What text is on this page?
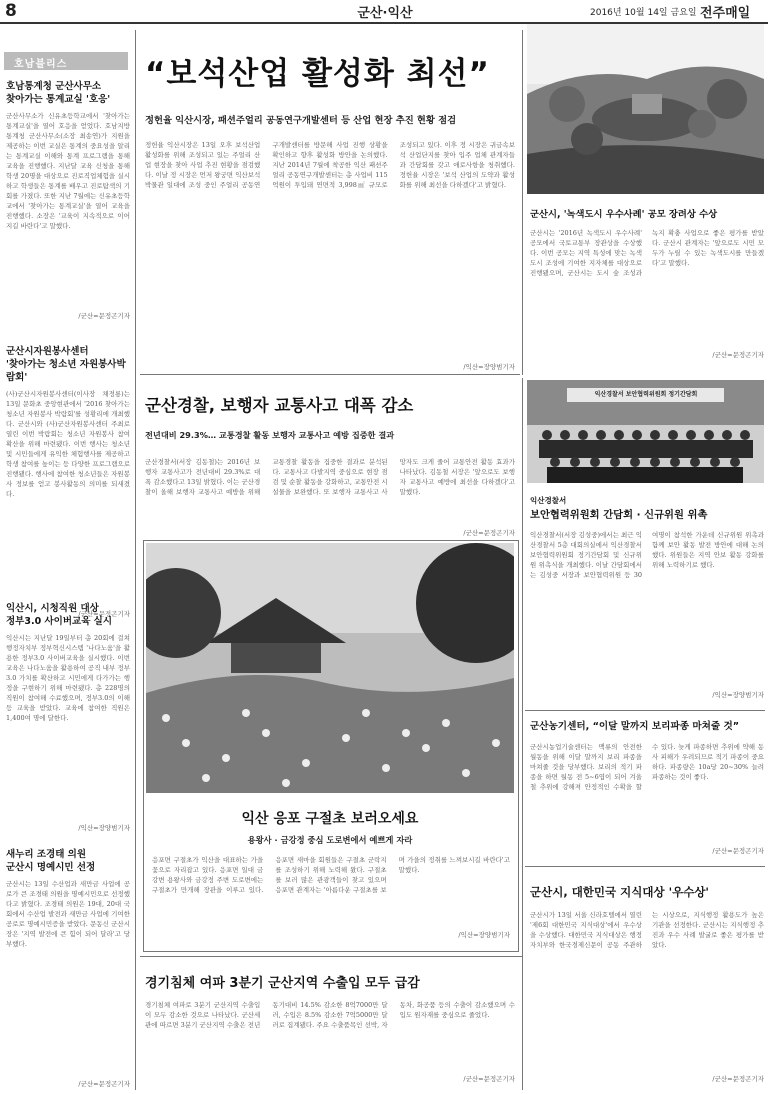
8	군산·익산	2016년 10월 14일 금요일 전주매일
호남블리스
호남통계청 군산사무소
찾아가는 통계교실 '호응'
군산사무소가 신유초등학교에서 '찾아가는 통계교실'을 열어 호응을 얻었다. 호남지방통계청 군산사무소(소장 최송연)가 지원을 제공하는 이번 교실은 통계의 중요성을 알리는 통계교실 이해와 통계 프로그램을 통해 교육을 진행했다. 지난달 교육 신청을 통해 학생 20명을 대상으로 진로직업체험을 실시하고 학생들은 통계를 배우고 진로탐색의 기회를 가졌다. 또한 지난 7월에는 신유초등학교에서 '찾아가는 통계교실'을 열어 교육을 진행했다. 소장은 '교육이 지속적으로 이어지길 바란다'고 말했다.
/군산=문정곤기자
군산시자원봉사센터
'찾아가는 청소년 자원봉사박람회'
(사)군산시자원봉사센터(이사장 채정룡)는 13일 문화초 중앙현관에서 '2016 찾아가는 청소년 자원봉사 박람회'를 성황리에 개최했다. 군산시와 (사)군산자원봉사센터 주최로 열린 이번 박람회는 청소년 자원봉사 참여 확산을 위해 마련됐다. 이번 행사는 청소년 및 시민들에게 유익한 체험행사를 제공하고 학생 참여를 높이는 등 다양한 프로그램으로 진행됐다. 행사에 참여한 청소년들은 자원봉사 정보를 얻고 봉사활동의 의미를 되새겼다.
/군산=문정곤기자
익산시, 시청직원 대상
정부3.0 사이버교육 실시
익산시는 지난달 19일부터 총 20회에 걸쳐 행정자치부 정부혁신시스템 '나다노움'을 활용한 정부3.0 사이버교육을 실시했다. 이번 교육은 나다노움을 활용하여 공직 내부 정부3.0 가치를 확산하고 시민에게 다가가는 행정을 구현하기 위해 마련됐다. 총 228명의 직원이 참여해 수료했으며, 정부3.0의 이해 등 교육을 받았다. 교육에 참여한 직원은 1,400여 명에 달한다.
/익산=장양범기자
새누리 조경태 의원
군산시 명예시민 선정
군산시는 13일 수산업과 새만금 사업에 공로가 큰 조경태 의원을 명예시민으로 선정했다고 밝혔다. 조경태 의원은 19대, 20대 국회에서 수산업 발전과 새만금 사업에 기여한 공로로 명예시민증을 받았다. 문동신 군산시장은 '지역 발전에 큰 힘이 되어 달라'고 당부했다.
/군산=문정곤기자
“보석산업 활성화 최선”
정헌율 익산시장, 패션주얼리 공동연구개발센터 등 산업 현장 추진 현황 점검
정헌율 익산시장은 13일 오후 보석산업 활성화를 위해 조성되고 있는 주얼리 산업 현장을 찾아 사업 추진 현황을 점검했다. 이날 정 시장은 먼저 왕궁면 익산보석박물관 일대에 조성 중인 주얼리 공동연구개발센터를 방문해 사업 진행 상황을 확인하고 향후 활성화 방안을 논의했다. 지난 2014년 7월에 착공한 익산 패션주얼리 공동연구개발센터는 총 사업비 115억원이 투입돼 연면적 3,998㎡ 규모로 조성되고 있다. 이후 정 시장은 귀금속보석 산업단지를 찾아 입주 업체 관계자들과 간담회를 갖고 애로사항을 청취했다. 정헌율 시장은 '보석 산업의 도약과 활성화를 위해 최선을 다하겠다'고 밝혔다.
/익산=장양범기자
군산시, '녹색도시 우수사례' 공모 장려상 수상
군산시는 '2016년 녹색도시 우수사례' 공모에서 국토교통부 장관상을 수상했다. 이번 공모는 지역 특성에 맞는 녹색도시 조성에 기여한 지자체를 대상으로 진행됐으며, 군산시는 도시 숲 조성과 녹지 확충 사업으로 좋은 평가를 받았다. 군산시 관계자는 '앞으로도 시민 모두가 누릴 수 있는 녹색도시를 만들겠다'고 말했다.
/군산=문정곤기자
군산경찰, 보행자 교통사고 대폭 감소
전년대비 29.3%… 교통경찰 활동 보행자 교통사고 예방 집중한 결과
군산경찰서(서장 김동철)는 2016년 보행자 교통사고가 전년대비 29.3%로 대폭 감소했다고 13일 밝혔다. 이는 군산경찰이 올해 보행자 교통사고 예방을 위해 교통경찰 활동을 집중한 결과로 분석된다. 교통사고 다발지역 중심으로 현장 점검 및 순찰 활동을 강화하고, 교통안전 시설물을 보완했다. 또 보행자 교통사고 사망자도 크게 줄어 교통안전 활동 효과가 나타났다. 김동철 서장은 '앞으로도 보행자 교통사고 예방에 최선을 다하겠다'고 말했다.
/군산=문정곤기자
익산경찰서 보안협력위원회 정기간담회
익산경찰서
보안협력위원회 간담회 · 신규위원 위촉
익산경찰서(서장 김성중)에서는 최근 익산경찰서 5층 대회의실에서 익산경찰서 보안협력위원회 정기간담회 및 신규위원 위촉식을 개최했다. 이날 간담회에서는 김성중 서장과 보안협력위원 등 30여명이 참석한 가운데 신규위원 위촉과 함께 보안 활동 발전 방안에 대해 논의했다. 위원들은 지역 안보 활동 강화를 위해 노력하기로 했다.
/익산=장양범기자
익산 응포 구절초 보러오세요
용왕사 · 금강정 중심 도로변에서 예쁘게 자라
응포면 구절초가 익산을 대표하는 가을 꽃으로 자리잡고 있다. 응포면 일대 금강변 용왕사와 금강정 주변 도로변에는 구절초가 만개해 장관을 이루고 있다. 응포면 새마을 회원들은 구절초 군락지를 조성하기 위해 노력해 왔다. 구절초를 보러 많은 관광객들이 찾고 있으며 응포면 관계자는 '아름다운 구절초를 보며 가을의 정취를 느껴보시길 바란다'고 말했다.
/익산=장양범기자
군산농기센터, “이달 말까지 보리파종 마쳐줄 것”
군산시농업기술센터는 맥류의 안전한 월동을 위해 이달 말까지 보리 파종을 마쳐줄 것을 당부했다. 보리의 적기 파종을 하면 월동 전 5~6엽이 되어 겨울철 추위에 강해져 안정적인 수확을 할 수 있다. 늦게 파종하면 추위에 약해 동사 피해가 우려되므로 적기 파종이 중요하다. 파종량은 10a당 20~30% 늘려 파종하는 것이 좋다.
/군산=문정곤기자
군산시, 대한민국 지식대상 '우수상'
군산시가 13일 서울 신라호텔에서 열린 '제6회 대한민국 지식대상'에서 우수상을 수상했다. 대한민국 지식대상은 행정자치부와 한국경제신문이 공동 주관하는 시상으로, 지식행정 활용도가 높은 기관을 선정한다. 군산시는 지식행정 추진과 우수 사례 발굴로 좋은 평가를 받았다.
/군산=문정곤기자
경기침체 여파 3분기 군산지역 수출입 모두 급감
경기침체 여파로 3분기 군산지역 수출입이 모두 감소한 것으로 나타났다. 군산세관에 따르면 3분기 군산지역 수출은 전년 동기대비 14.5% 감소한 8억7000만 달러, 수입은 8.5% 감소한 7억5000만 달러로 집계됐다. 주요 수출품목인 선박, 자동차, 화공품 등의 수출이 감소했으며 수입도 원자재를 중심으로 줄었다.
/군산=문정곤기자
